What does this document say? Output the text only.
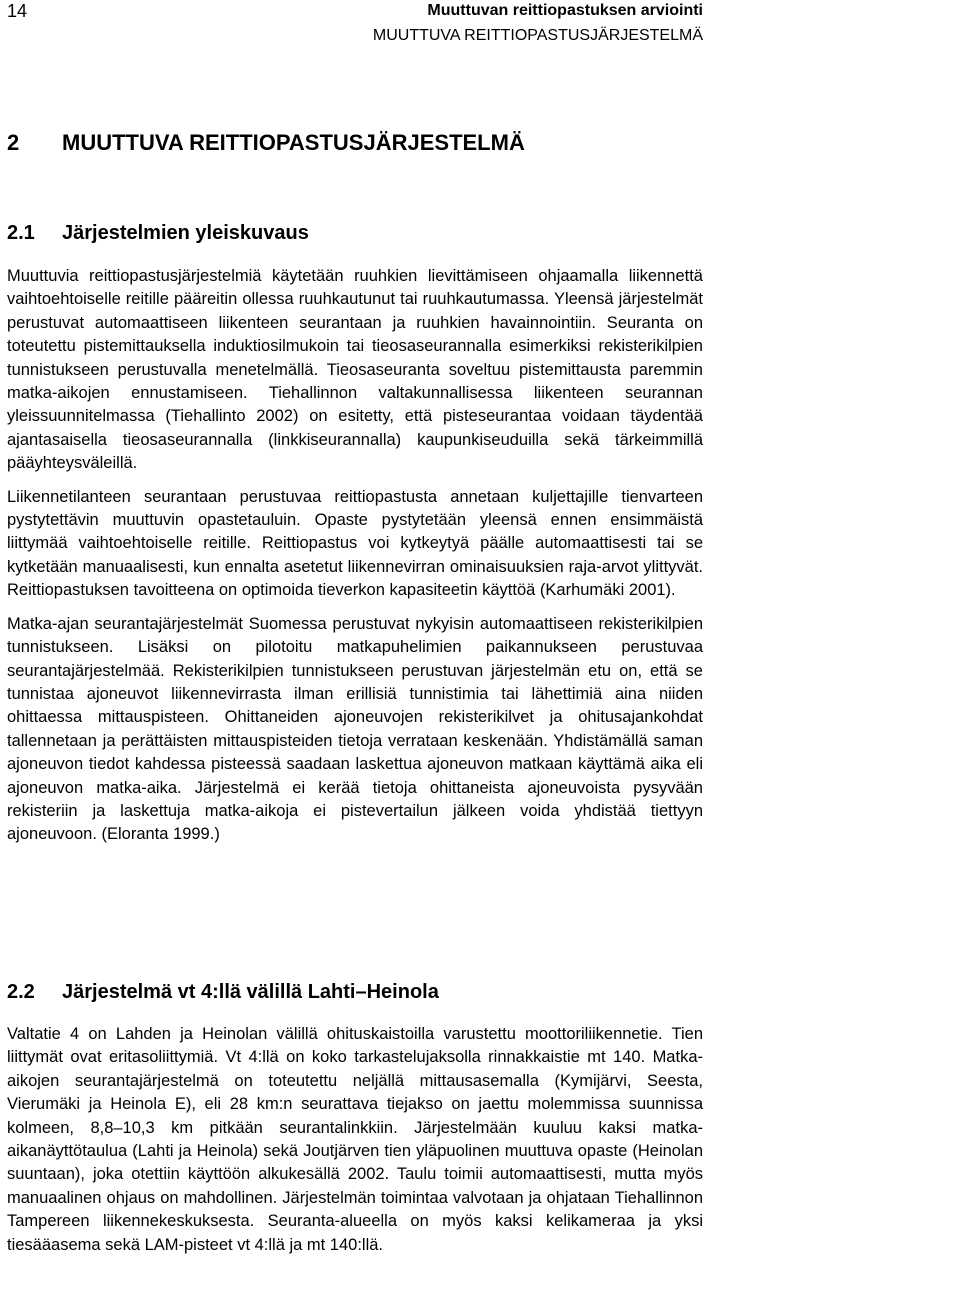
14	Muuttuvan reittiopastuksen arviointi
MUUTTUVA REITTIOPASTUSJÄRJESTELMÄ
2 MUUTTUVA REITTIOPASTUSJÄRJESTELMÄ
2.1 Järjestelmien yleiskuvaus

Muuttuvia reittiopastusjärjestelmiä käytetään ruuhkien lievittämiseen ohjaamalla liikennettä vaihtoehtoiselle reitille pääreitin ollessa ruuhkautunut tai ruuhkautumassa. Yleensä järjestelmät perustuvat automaattiseen liikenteen seurantaan ja ruuhkien havainnointiin. Seuranta on toteutettu pistemittauksella induktiosilmukoin tai tieosaseurannalla esimerkiksi rekisterikilpien tunnistukseen perustuvalla menetelmällä. Tieosaseuranta soveltuu pistemittausta paremmin matka-aikojen ennustamiseen. Tiehallinnon valtakunnallisessa liikenteen seurannan yleissuunnitelmassa (Tiehallinto 2002) on esitetty, että pisteseurantaa voidaan täydentää ajantasaisella tieosaseurannalla (linkkiseurannalla) kaupunkiseuduilla sekä tärkeimmillä pääyhteysväleillä.

Liikennetilanteen seurantaan perustuvaa reittiopastusta annetaan kuljettajille tienvarteen pystytettävin muuttuvin opastetauluin. Opaste pystytetään yleensä ennen ensimmäistä liittymää vaihtoehtoiselle reitille. Reittiopastus voi kytkeytyä päälle automaattisesti tai se kytketään manuaalisesti, kun ennalta asetetut liikennevirran ominaisuuksien raja-arvot ylittyvät. Reittiopastuksen tavoitteena on optimoida tieverkon kapasiteetin käyttöä (Karhumäki 2001).

Matka-ajan seurantajärjestelmät Suomessa perustuvat nykyisin automaattiseen rekisterikilpien tunnistukseen. Lisäksi on pilotoitu matkapuhelimien paikannukseen perustuvaa seurantajärjestelmää. Rekisterikilpien tunnistukseen perustuvan järjestelmän etu on, että se tunnistaa ajoneuvot liikennevirrasta ilman erillisiä tunnistimia tai lähettimiä aina niiden ohittaessa mittauspisteen. Ohittaneiden ajoneuvojen rekisterikilvet ja ohitusajankohdat tallennetaan ja perättäisten mittauspisteiden tietoja verrataan keskenään. Yhdistämällä saman ajoneuvon tiedot kahdessa pisteessä saadaan laskettua ajoneuvon matkaan käyttämä aika eli ajoneuvon matka-aika. Järjestelmä ei kerää tietoja ohittaneista ajoneuvoista pysyvään rekisteriin ja laskettuja matka-aikoja ei pistevertailun jälkeen voida yhdistää tiettyyn ajoneuvoon. (Eloranta 1999.)

2.2 Järjestelmä vt 4:llä välillä Lahti–Heinola

Valtatie 4 on Lahden ja Heinolan välillä ohituskaistoilla varustettu moottoriliikennetie. Tien liittymät ovat eritasoliittymiä. Vt 4:llä on koko tarkastelujaksolla rinnakkaistie mt 140. Matka-aikojen seurantajärjestelmä on toteutettu neljällä mittausasemalla (Kymijärvi, Seesta, Vierumäki ja Heinola E), eli 28 km:n seurattava tiejakso on jaettu molemmissa suunnissa kolmeen, 8,8–10,3 km pitkään seurantalinkkiin. Järjestelmään kuuluu kaksi matka-aikanäyttötaulua (Lahti ja Heinola) sekä Joutjärven tien yläpuolinen muuttuva opaste (Heinolan suuntaan), joka otettiin käyttöön alkukesällä 2002. Taulu toimii automaattisesti, mutta myös manuaalinen ohjaus on mahdollinen. Järjestelmän toimintaa valvotaan ja ohjataan Tiehallinnon Tampereen liikennekeskuksesta. Seuranta-alueella on myös kaksi kelikameraa ja yksi tiesääasema sekä LAM-pisteet vt 4:llä ja mt 140:llä.
